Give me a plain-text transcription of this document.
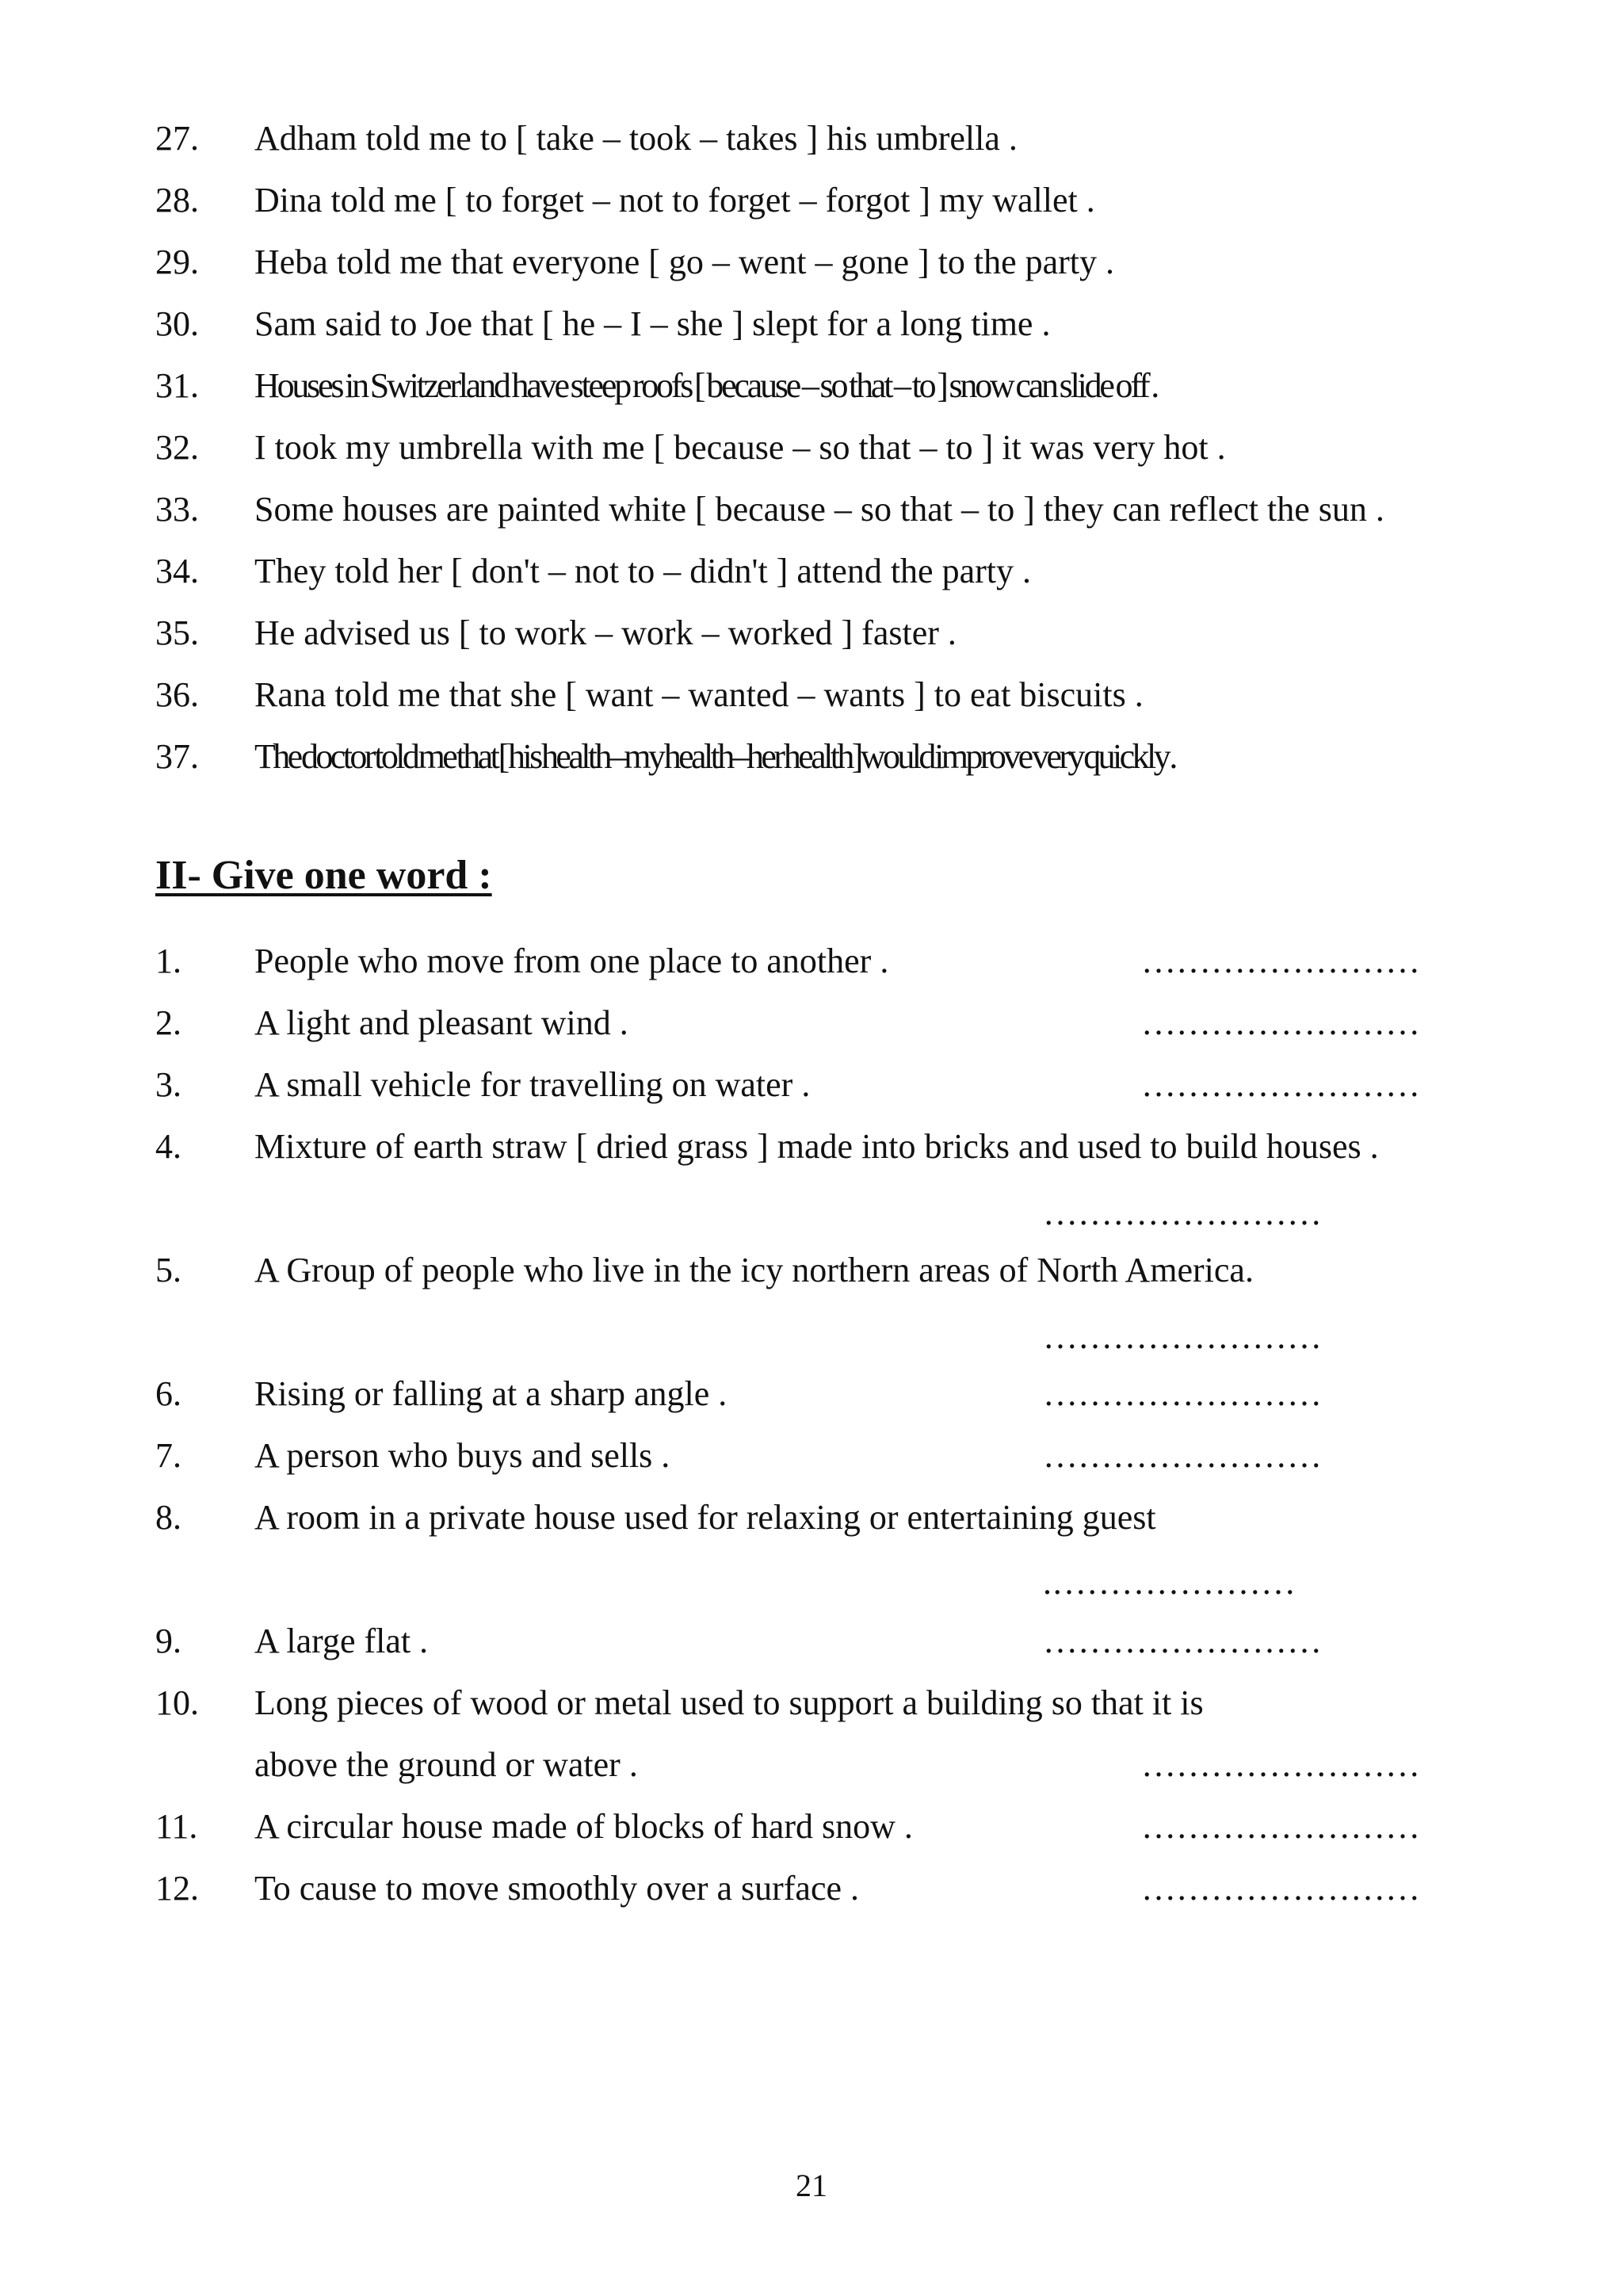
27. Adham told me to [ take – took – takes ] his umbrella .
28. Dina told me [ to forget – not to forget – forgot ] my wallet .
29. Heba told me that everyone [ go – went – gone ] to the party .
30. Sam said to Joe that [ he – I – she ] slept for a long time .
31. Houses in Switzerland have steep roofs [ because – so that – to ] snow can slide off .
32. I took my umbrella with me [ because – so that – to ] it was very hot .
33. Some houses are painted white [ because – so that – to ] they can reflect the sun .
34. They told her [ don't – not to – didn't ] attend the party .
35. He advised us [ to work – work – worked ] faster .
36. Rana told me that she [ want – wanted – wants ] to eat biscuits .
37. The doctor told me that [ his health–my health–her health]would improve very quickly .
II- Give one word :
1. People who move from one place to another .	……………………
2. A light and pleasant wind .	……………………
3. A small vehicle for travelling on water .	……………………
4. Mixture of earth straw [ dried grass ] made into bricks and used to build houses .
……………………
5. A Group of people who live in the icy northern areas of North America.
……………………
6. Rising or falling at a sharp angle .	……………………
7. A person who buys and sells .	……………………
8. A room in a private house used for relaxing or entertaining guest
.…………………
9. A large flat .	……………………
10. Long pieces of wood or metal used to support a building so that it is
above the ground or water .	……………………
11. A circular house made of blocks of hard snow .	……………………
12. To cause to move smoothly over a surface .	……………………
21
